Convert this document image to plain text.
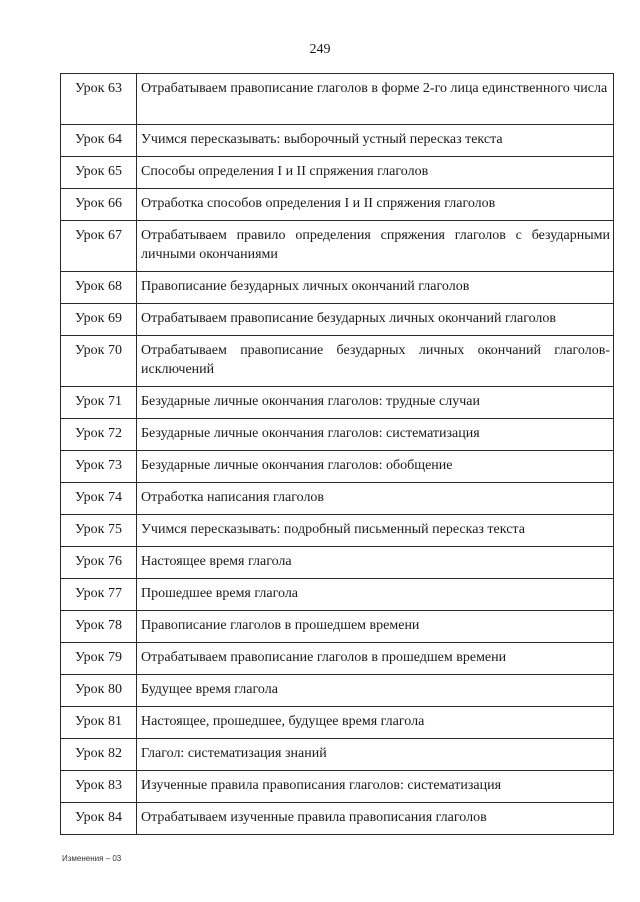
249
Урок 63	Отрабатываем правописание глаголов в форме 2-го лица единственного числа
Урок 64	Учимся пересказывать: выборочный устный пересказ текста
Урок 65	Способы определения I и II спряжения глаголов
Урок 66	Отработка способов определения I и II спряжения глаголов
Урок 67	Отрабатываем правило определения спряжения глаголов с безударными личными окончаниями
Урок 68	Правописание безударных личных окончаний глаголов
Урок 69	Отрабатываем правописание безударных личных окончаний глаголов
Урок 70	Отрабатываем правописание безударных личных окончаний глаголов-исключений
Урок 71	Безударные личные окончания глаголов: трудные случаи
Урок 72	Безударные личные окончания глаголов: систематизация
Урок 73	Безударные личные окончания глаголов: обобщение
Урок 74	Отработка написания глаголов
Урок 75	Учимся пересказывать: подробный письменный пересказ текста
Урок 76	Настоящее время глагола
Урок 77	Прошедшее время глагола
Урок 78	Правописание глаголов в прошедшем времени
Урок 79	Отрабатываем правописание глаголов в прошедшем времени
Урок 80	Будущее время глагола
Урок 81	Настоящее, прошедшее, будущее время глагола
Урок 82	Глагол: систематизация знаний
Урок 83	Изученные правила правописания глаголов: систематизация
Урок 84	Отрабатываем изученные правила правописания глаголов
Изменения – 03
